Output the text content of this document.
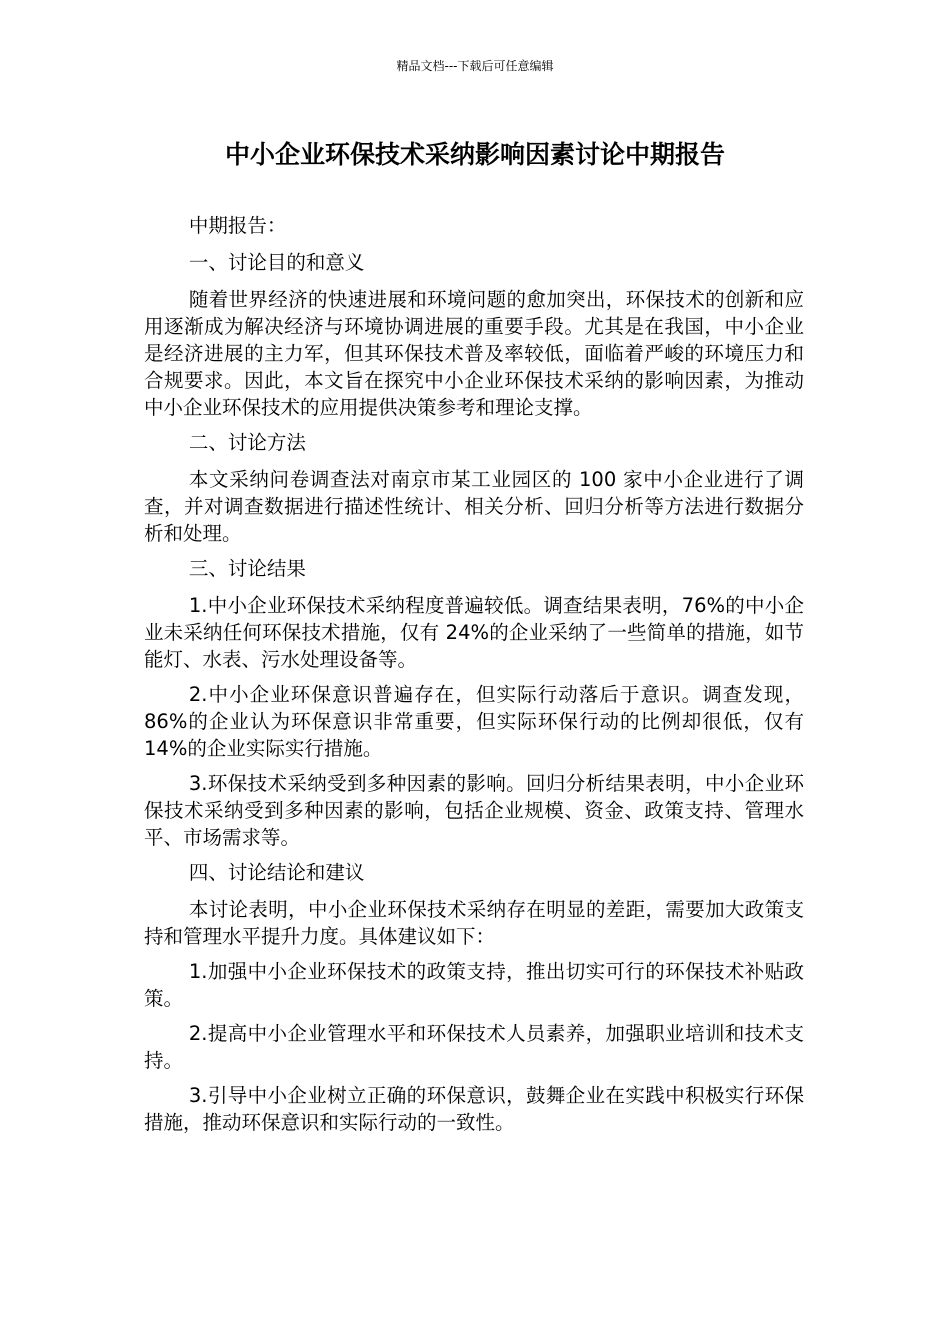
精品文档---下载后可任意编辑
中小企业环保技术采纳影响因素讨论中期报告

中期报告：

一、讨论目的和意义

随着世界经济的快速进展和环境问题的愈加突出，环保技术的创新和应用逐渐成为解决经济与环境协调进展的重要手段。尤其是在我国，中小企业是经济进展的主力军，但其环保技术普及率较低，面临着严峻的环境压力和合规要求。因此，本文旨在探究中小企业环保技术采纳的影响因素，为推动中小企业环保技术的应用提供决策参考和理论支撑。

二、讨论方法

本文采纳问卷调查法对南京市某工业园区的 100 家中小企业进行了调查，并对调查数据进行描述性统计、相关分析、回归分析等方法进行数据分析和处理。

三、讨论结果

1.中小企业环保技术采纳程度普遍较低。调查结果表明，76%的中小企业未采纳任何环保技术措施，仅有 24%的企业采纳了一些简单的措施，如节能灯、水表、污水处理设备等。

2.中小企业环保意识普遍存在，但实际行动落后于意识。调查发现，86%的企业认为环保意识非常重要，但实际环保行动的比例却很低，仅有 14%的企业实际实行措施。

3.环保技术采纳受到多种因素的影响。回归分析结果表明，中小企业环保技术采纳受到多种因素的影响，包括企业规模、资金、政策支持、管理水平、市场需求等。

四、讨论结论和建议

本讨论表明，中小企业环保技术采纳存在明显的差距，需要加大政策支持和管理水平提升力度。具体建议如下：

1.加强中小企业环保技术的政策支持，推出切实可行的环保技术补贴政策。

2.提高中小企业管理水平和环保技术人员素养，加强职业培训和技术支持。

3.引导中小企业树立正确的环保意识，鼓舞企业在实践中积极实行环保措施，推动环保意识和实际行动的一致性。
